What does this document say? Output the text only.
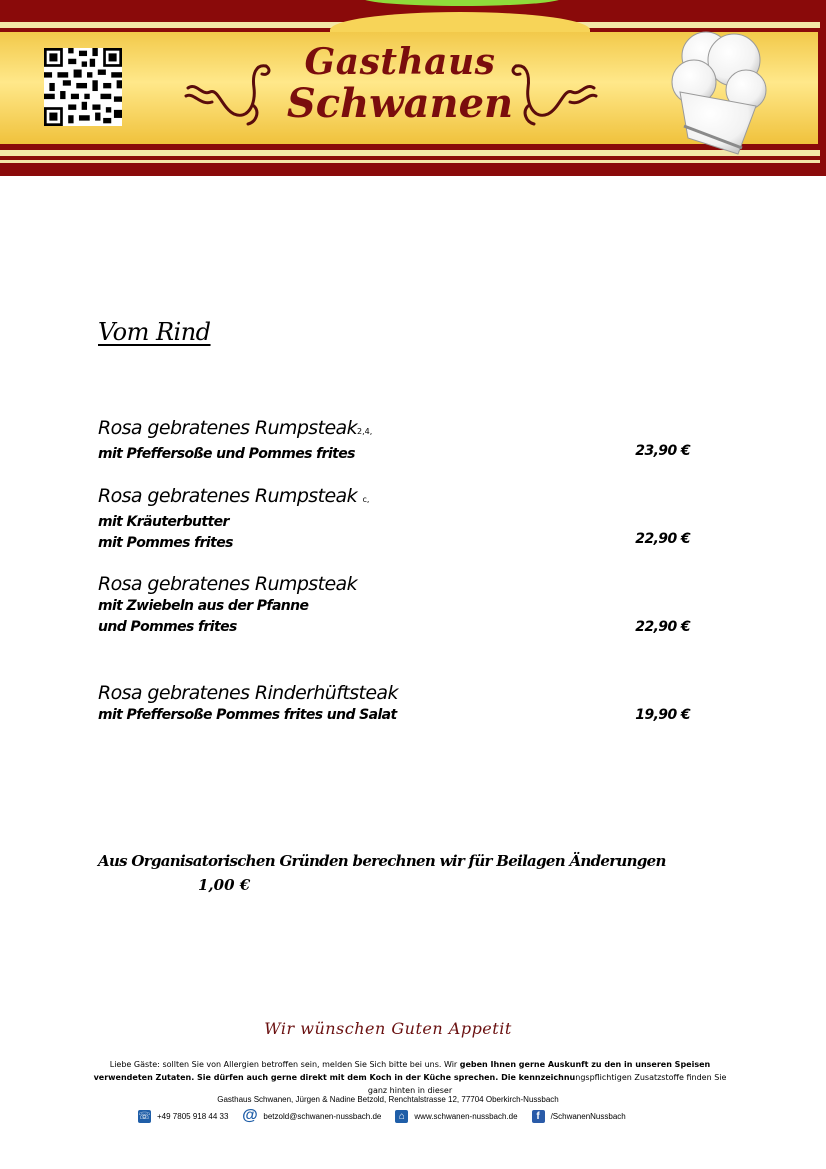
Gasthaus
Schwanen
Vom Rind
Rosa gebratenes Rumpsteak2,4,
mit Pfeffersoße und Pommes frites	23,90 €
Rosa gebratenes Rumpsteak c,
mit Kräuterbutter
mit Pommes frites	22,90 €
Rosa gebratenes Rumpsteak
mit Zwiebeln aus der Pfanne
und Pommes frites	22,90 €
Rosa gebratenes Rinderhüftsteak
mit Pfeffersoße Pommes frites und Salat	19,90 €
Aus Organisatorischen Gründen berechnen wir für Beilagen Änderungen
1,00 €
Wir wünschen Guten Appetit
Liebe Gäste: sollten Sie von Allergien betroffen sein, melden Sie Sich bitte bei uns. Wir geben Ihnen gerne Auskunft zu den in unseren Speisen verwendeten Zutaten. Sie dürfen auch gerne direkt mit dem Koch in der Küche sprechen. Die kennzeichnungspflichtigen Zusatzstoffe finden Sie ganz hinten in dieser
Gasthaus Schwanen, Jürgen & Nadine Betzold, Renchtalstrasse 12, 77704 Oberkirch-Nussbach
☏ +49 7805 918 44 33 @ betzold@schwanen-nussbach.de	⌂	www.schwanen-nussbach.de	f	/SchwanenNussbach
